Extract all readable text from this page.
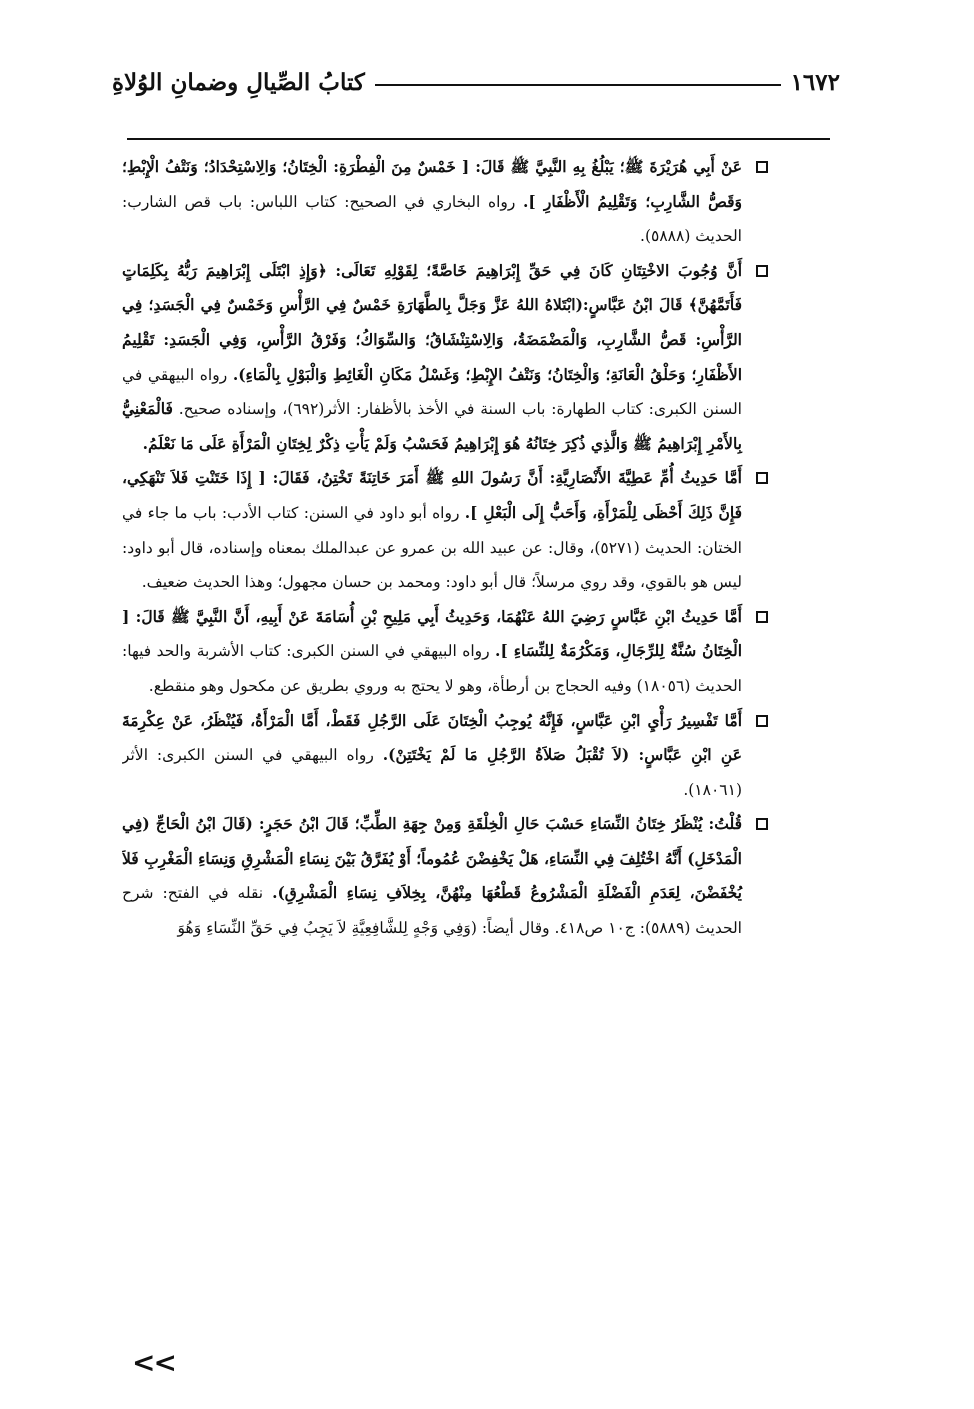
كتابُ الصِّيالِ وضمانِ الوُلاةِ	١٦٧٢

عَنْ أَبِي هُرَيْرَةَ ﷺ؛ يَبْلُغُ بِهِ النَّبِيَّ ﷺ قَالَ: [ خَمْسٌ مِنَ الْفِطْرَةِ: الْخِتَانُ؛ وَالِاسْتِحْدَادُ؛ وَنَتْفُ الْإِبْطِ؛ وَقَصُّ الشَّارِبِ؛ وَتَقْلِيمُ الْأَظْفَارِ ]. رواه البخاري في الصحيح: كتاب اللباس: باب قص الشارب: الحديث (٥٨٨٨).

أَنَّ وُجُوبَ الاخْتِتَانِ كَانَ فِي حَقِّ إِبْرَاهِيمَ خَاصَّةً؛ لِقَوْلِهِ تَعَالَى: ﴿وَإِذِ ابْتَلَى إِبْرَاهِيمَ رَبُّهُ بِكَلِمَاتٍ فَأَتَمَّهُنَّ﴾ قَالَ ابْنُ عَبَّاسٍ:(ابْتَلاهُ اللهُ عَزَّ وَجَلَّ بِالطَّهَارَةِ خَمْسٌ فِي الرَّأْسِ وَخَمْسٌ فِي الْجَسَدِ؛ فِي الرَّأْسِ: قَصُّ الشَّارِبِ، وَالْمَضْمَضَةُ، وَالِاسْتِنْشَاقُ؛ وَالسِّوَاكُ؛ وَفَرْقُ الرَّأْسِ، وَفِي الْجَسَدِ: تَقْلِيمُ الأَظْفَارِ؛ وَحَلْقُ الْعَانَةِ؛ وَالْخِتَانُ؛ وَنَتْفُ الإِبْطِ؛ وَغَسْلُ مَكَانِ الْغَائِطِ وَالْبَوْلِ بِالْمَاءِ). رواه البيهقي في السنن الكبرى: كتاب الطهارة: باب السنة في الأخذ بالأظفار: الأثر(٦٩٢)، وإسناده صحيح. فَالْمَعْنِيُّ بِالأَمْرِ إِبْرَاهِيمُ ﷺ وَالَّذِي ذُكِرَ خِتَانُهُ هُوَ إِبْرَاهِيمُ فَحَسْبُ وَلَمْ يَأْتِ ذِكْرٌ لِخِتَانِ الْمَرْأَةِ عَلَى مَا نَعْلَمُ.

أَمَّا حَدِيثُ أُمِّ عَطِيَّةَ الأَنْصَارِيَّةِ: أَنَّ رَسُولَ اللهِ ﷺ أَمَرَ خَاتِنَةً تَخْتِنُ، فَقَالَ: [ إِذَا خَتَنْتِ فَلاَ تَنْهَكِي، فَإِنَّ ذَلِكَ أَحْظَى لِلْمَرْأَةِ، وَأَحَبُّ إِلَى الْبَعْلِ ]. رواه أبو داود في السنن: كتاب الأدب: باب ما جاء في الختان: الحديث (٥٢٧١)، وقال: عن عبيد الله بن عمرو عن عبدالملك بمعناه وإسناده، قال أبو داود: ليس هو بالقوي، وقد روي مرسلاً؛ قال أبو داود: ومحمد بن حسان مجهول؛ وهذا الحديث ضعيف.

أَمَّا حَدِيثُ ابْنِ عَبَّاسٍ رَضِيَ اللهُ عَنْهُمَا، وَحَدِيثُ أَبِي مَلِيحِ بْنِ أُسَامَةَ عَنْ أَبِيهِ، أَنَّ النَّبِيَّ ﷺ قَالَ: [ الْخِتَانُ سُنَّةٌ لِلرِّجَالِ، وَمَكْرُمَةٌ لِلنِّسَاءِ ]. رواه البيهقي في السنن الكبرى: كتاب الأشربة والحد فيها: الحديث (١٨٠٥٦) وفيه الحجاج بن أرطأة، وهو لا يحتج به وروي بطريق عن مكحول وهو منقطع.

أَمَّا تَفْسِيرُ رَأْيِ ابْنِ عَبَّاسٍ، فَإِنَّهُ يُوجِبُ الْخِتَانَ عَلَى الرَّجُلِ فَقَطْ، أَمَّا الْمَرْأَةُ، فَيُنْظَرُ، عَنْ عِكْرِمَةَ عَنِ ابْنِ عَبَّاسٍ: (لاَ تُقْبَلُ صَلاَةُ الرَّجُلِ مَا لَمْ يَخْتَتِنْ). رواه البيهقي في السنن الكبرى: الأثر (١٨٠٦١).

قُلْتُ: يُنْظَرُ خِتَانُ النِّسَاءِ حَسْبَ حَالِ الْخِلْقَةِ وَمِنْ جِهَةِ الطِّبِّ؛ قَالَ ابْنُ حَجَرٍ: (قَالَ ابْنُ الْحَاجِّ (فِي الْمَدْخَلِ) أَنَّهُ اخْتُلِفَ فِي النِّسَاءِ، هَلْ يَخْفِضْنَ عُمُوماً؛ أَوْ يُفَرَّقُ بَيْنَ نِسَاءِ الْمَشْرِقِ وَنِسَاءِ الْمَغْرِبِ فَلاَ يُخْفَضْنَ، لِعَدَمِ الْفَضْلَةِ الْمَشْرُوعُ قَطْعُهَا مِنْهُنَّ، بِخِلاَفِ نِسَاءِ الْمَشْرِقِ). نقله في الفتح: شرح الحديث (٥٨٨٩): ج١٠ ص٤١٨. وقال أيضاً: (وَفِي وَجْهٍ لِلشَّافِعِيَّةِ لاَ يَجِبُ فِي حَقِّ النِّسَاءِ وَهُوَ

<<
